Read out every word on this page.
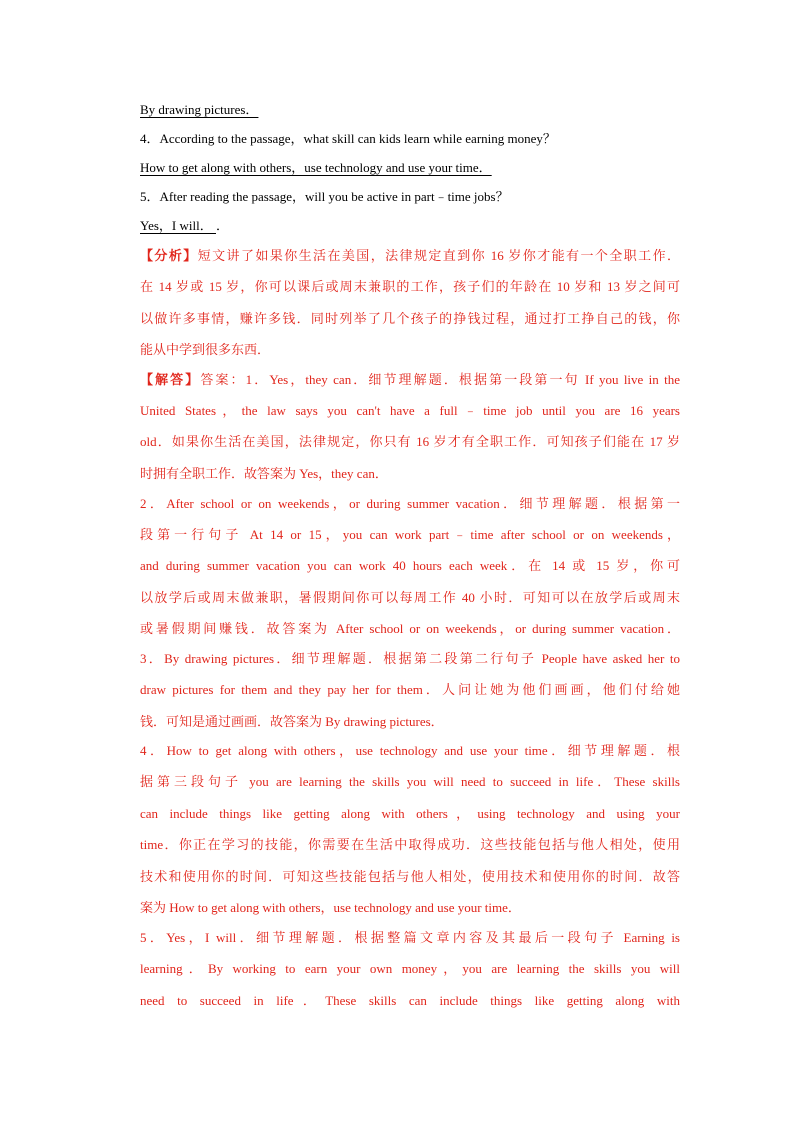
By drawing pictures．
4．According to the passage，what skill can kids learn while earning money？
How to get along with others，use technology and use your time．
5．After reading the passage，will you be active in part﹣time jobs？
Yes，I will． ．
【分析】短文讲了如果你生活在美国，法律规定直到你 16 岁你才能有一个全职工作．
在 14 岁或 15 岁，你可以课后或周末兼职的工作，孩子们的年龄在 10 岁和 13 岁之间可
以做许多事情，赚许多钱．同时列举了几个孩子的挣钱过程，通过打工挣自己的钱，你
能从中学到很多东西．
【解答】答案：1．Yes，they can．细节理解题．根据第一段第一句 If you live in the
United States，the law says you can't have a full﹣time job until you are 16 years
old．如果你生活在美国，法律规定，你只有 16 岁才有全职工作．可知孩子们能在 17 岁
时拥有全职工作．故答案为 Yes，they can．
2．After school or on weekends，or during summer vacation．细节理解题．根据第一
段第一行句子 At 14 or 15，you can work part﹣time after school or on weekends，
and during summer vacation you can work 40 hours each week．在 14 或 15 岁，你可
以放学后或周末做兼职，暑假期间你可以每周工作 40 小时．可知可以在放学后或周末
或暑假期间赚钱．故答案为 After school or on weekends，or during summer vacation．
3．By drawing pictures．细节理解题．根据第二段第二行句子 People have asked her to
draw pictures for them and they pay her for them．人问让她为他们画画，他们付给她
钱．可知是通过画画．故答案为 By drawing pictures．
4．How to get along with others，use technology and use your time．细节理解题．根
据第三段句子 you are learning the skills you will need to succeed in life．These skills
can include things like getting along with others，using technology and using your
time．你正在学习的技能，你需要在生活中取得成功．这些技能包括与他人相处，使用
技术和使用你的时间．可知这些技能包括与他人相处，使用技术和使用你的时间．故答
案为 How to get along with others，use technology and use your time．
5．Yes，I will．细节理解题．根据整篇文章内容及其最后一段句子 Earning is
learning．By working to earn your own money，you are learning the skills you will
need to succeed in life．These skills can include things like getting along with
